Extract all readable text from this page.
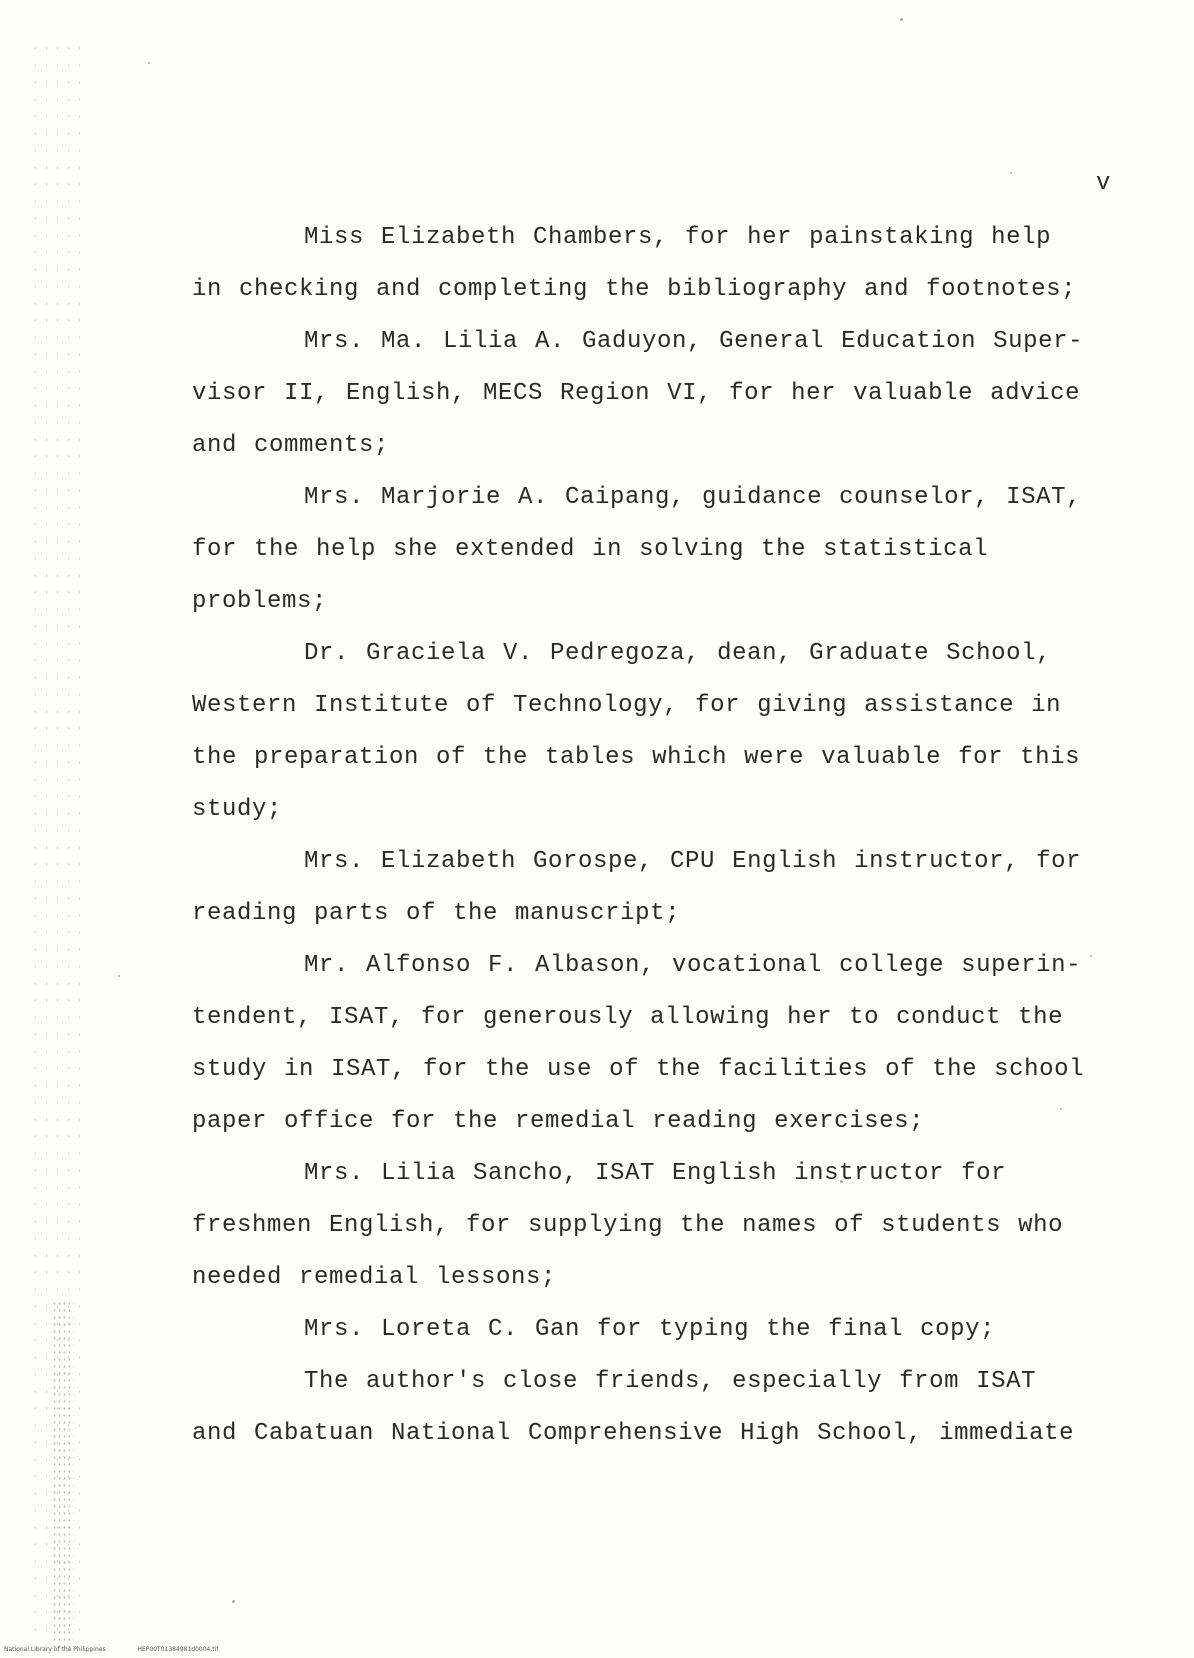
v
Miss Elizabeth Chambers, for her painstaking help
in checking and completing the bibliography and footnotes;
Mrs. Ma. Lilia A. Gaduyon, General Education Super-
visor II, English, MECS Region VI, for her valuable advice
and comments;
Mrs. Marjorie A. Caipang, guidance counselor, ISAT,
for the help she extended in solving the statistical
problems;
Dr. Graciela V. Pedregoza, dean, Graduate School,
Western Institute of Technology, for giving assistance in
the preparation of the tables which were valuable for this
study;
Mrs. Elizabeth Gorospe, CPU English instructor, for
reading parts of the manuscript;
Mr. Alfonso F. Albason, vocational college superin-
tendent, ISAT, for generously allowing her to conduct the
study in ISAT, for the use of the facilities of the school
paper office for the remedial reading exercises;
Mrs. Lilia Sancho, ISAT English instructor for
freshmen English, for supplying the names of students who
needed remedial lessons;
Mrs. Loreta C. Gan for typing the final copy;
The author's close friends, especially from ISAT
and Cabatuan National Comprehensive High School, immediate
National Library of the Philippines	HEP00T01384981d0004.tif
